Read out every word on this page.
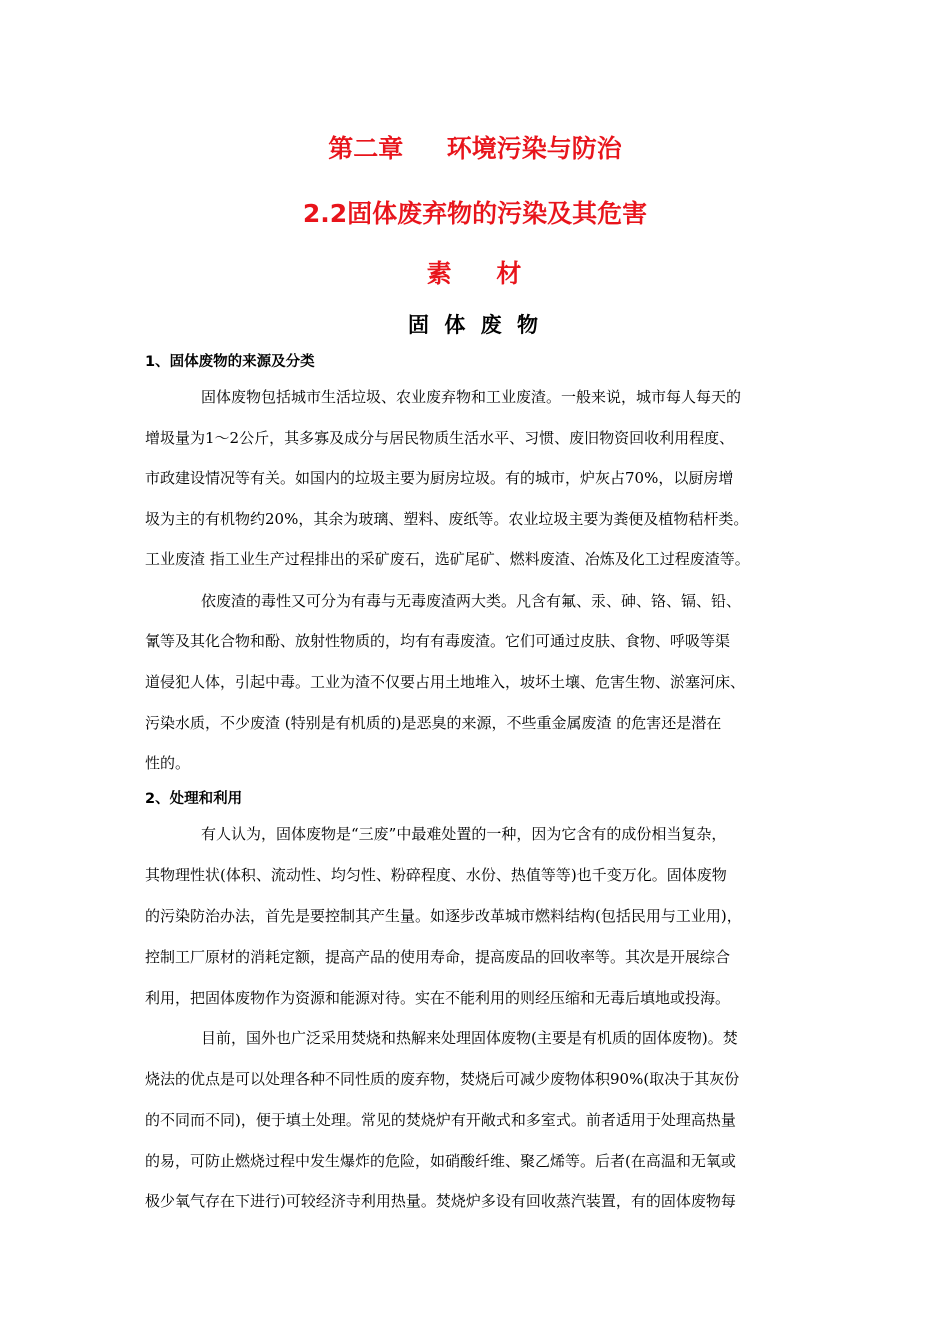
第二章     环境污染与防治
2.2固体废弃物的污染及其危害
素    材
固 体 废 物
1、固体废物的来源及分类
固体废物包括城市生活垃圾、农业废弃物和工业废渣。一般来说，城市每人每天的
增圾量为1～2公斤，其多寡及成分与居民物质生活水平、习惯、废旧物资回收利用程度、
市政建设情况等有关。如国内的垃圾主要为厨房垃圾。有的城市，炉灰占70%，以厨房增
圾为主的有机物约20%，其余为玻璃、塑料、废纸等。农业垃圾主要为粪便及植物秸杆类。
工业废渣 指工业生产过程排出的采矿废石，选矿尾矿、燃料废渣、冶炼及化工过程废渣等。
依废渣的毒性又可分为有毒与无毒废渣两大类。凡含有氟、汞、砷、铬、镉、铅、
氰等及其化合物和酚、放射性物质的，均有有毒废渣。它们可通过皮肤、食物、呼吸等渠
道侵犯人体，引起中毒。工业为渣不仅要占用土地堆入，坡坏土壤、危害生物、淤塞河床、
污染水质，不少废渣 (特别是有机质的)是恶臭的来源，不些重金属废渣 的危害还是潜在
性的。
2、处理和利用
有人认为，固体废物是“三废”中最难处置的一种，因为它含有的成份相当复杂，
其物理性状(体积、流动性、均匀性、粉碎程度、水份、热值等等)也千变万化。固体废物
的污染防治办法，首先是要控制其产生量。如逐步改革城市燃料结构(包括民用与工业用)，
控制工厂原材的消耗定额，提高产品的使用寿命，提高废品的回收率等。其次是开展综合
利用，把固体废物作为资源和能源对待。实在不能利用的则经压缩和无毒后填地或投海。
目前，国外也广泛采用焚烧和热解来处理固体废物(主要是有机质的固体废物)。焚
烧法的优点是可以处理各种不同性质的废弃物，焚烧后可减少废物体积90%(取决于其灰份
的不同而不同)，便于填土处理。常见的焚烧炉有开敞式和多室式。前者适用于处理高热量
的易，可防止燃烧过程中发生爆炸的危险，如硝酸纤维、聚乙烯等。后者(在高温和无氧或
极少氧气存在下进行)可较经济寺利用热量。焚烧炉多设有回收蒸汽装置，有的固体废物每
